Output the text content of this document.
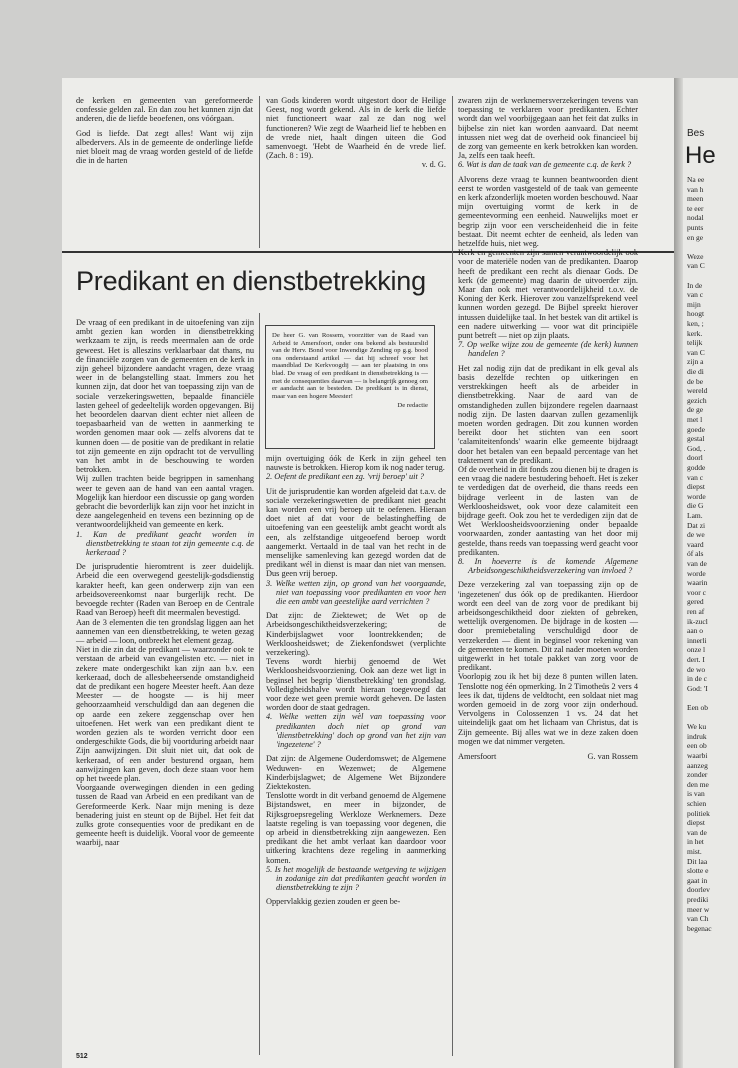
de kerken en gemeenten van gereformeerde confessie gelden zal. En dan zou het kunnen zijn dat anderen, die de liefde beoefenen, ons vóórgaan.

God is liefde. Dat zegt alles! Want wij zijn albedervers. Als in de gemeente de onderlinge liefde niet bloeit mag de vraag worden gesteld of de liefde die in de harten

van Gods kinderen wordt uitgestort door de Heilige Geest, nog wordt gekend. Als in de kerk die liefde niet functioneert waar zal ze dan nog wel functioneren? Wie zegt de Waarheid lief te hebben en de vrede niet, haalt dingen uiteen die God samenvoegt. 'Hebt de Waarheid én de vrede lief. (Zach. 8 : 19).

v. d. G.
Predikant en dienstbetrekking
De heer G. van Rossem, voorzitter van de Raad van Arbeid te Amersfoort, onder ons bekend als bestuurslid van de Herv. Bond voor Inwendige Zending op g.g. bood ons onderstaand artikel — dat hij schreef voor het maandblad De Kerkvoogdij — aan ter plaatsing in ons blad. De vraag of een predikant in dienstbetrekking is — met de consequenties daarvan — is belangrijk genoeg om er aandacht aan te besteden. De predikant is in dienst, maar van een hogere Meester!
De redactie

De vraag of een predikant in de uitoefening van zijn ambt gezien kan worden in dienstbetrekking werkzaam te zijn, is reeds meermalen aan de orde geweest. Het is alleszins verklaarbaar dat thans, nu de financiële zorgen van de gemeenten en de kerk in zijn geheel bijzondere aandacht vragen, deze vraag weer in de belangstelling staat. Immers zou het kunnen zijn, dat door het van toepassing zijn van de sociale verzekeringswetten, bepaalde financiële lasten geheel of gedeeltelijk worden opgevangen. Bij het beoordelen daarvan dient echter niet alleen de toepasbaarheid van de wetten in aanmerking te worden genomen maar ook — zelfs alvorens dat te kunnen doen — de positie van de predikant in relatie tot zijn gemeente en zijn opdracht tot de vervulling van het ambt in de beschouwing te worden betrokken.

Wij zullen trachten beide begrippen in samenhang weer te geven aan de hand van een aantal vragen. Mogelijk kan hierdoor een discussie op gang worden gebracht die bevorderlijk kan zijn voor het inzicht in deze aangelegenheid en tevens een bezinning op de verantwoordelijkheid van gemeente en kerk.

1. Kan de predikant geacht worden in dienstbetrekking te staan tot zijn gemeente c.q. de kerkeraad ?

De jurisprudentie hieromtrent is zeer duidelijk. Arbeid die een overwegend geestelijk-godsdienstig karakter heeft, kan geen onderwerp zijn van een arbeidsovereenkomst naar burgerlijk recht. De bevoegde rechter (Raden van Beroep en de Centrale Raad van Beroep) heeft dit meermalen bevestigd.

Aan de 3 elementen die ten grondslag liggen aan het aannemen van een dienstbetrekking, te weten gezag — arbeid — loon, ontbreekt het element gezag.

Niet in die zin dat de predikant — waarzonder ook te verstaan de arbeid van evangelisten etc. — niet in zekere mate ondergeschikt kan zijn aan b.v. een kerkeraad, doch de allesbeheersende omstandigheid dat de predikant een hogere Meester heeft. Aan deze Meester — de hoogste — is hij meer gehoorzaamheid verschuldigd dan aan degenen die op aarde een zekere zeggenschap over hen uitoefenen. Het werk van een predikant dient te worden gezien als te worden verricht door een ondergeschikte Gods, die bij voortduring arbeidt naar Zijn aanwijzingen. Dit sluit niet uit, dat ook de kerkeraad, of een ander besturend orgaan, hem aanwijzingen kan geven, doch deze staan voor hem op het tweede plan.

Voorgaande overwegingen dienden in een geding tussen de Raad van Arbeid en een predikant van de Gereformeerde Kerk. Naar mijn mening is deze benadering juist en steunt op de Bijbel. Het feit dat zulks grote consequenties voor de predikant en de gemeente heeft is duidelijk. Vooral voor de gemeente waarbij, naar

mijn overtuiging óók de Kerk in zijn geheel ten nauwste is betrokken. Hierop kom ik nog nader terug.

2. Oefent de predikant een zg. 'vrij beroep' uit ?

Uit de jurisprudentie kan worden afgeleid dat t.a.v. de sociale verzekeringswetten de predikant niet geacht kan worden een vrij beroep uit te oefenen. Hieraan doet niet af dat voor de belastingheffing de uitoefening van een geestelijk ambt geacht wordt als een, als zelfstandige uitgeoefend beroep wordt aangemerkt. Vertaald in de taal van het recht in de menselijke samenleving kan gezegd worden dat de predikant wél in dienst is maar dan niet van mensen. Dus geen vrij beroep.

3. Welke wetten zijn, op grond van het voorgaande, niet van toepassing voor predikanten en voor hen die een ambt van geestelijke aard verrichten ?

Dat zijn: de Ziektewet; de Wet op de Arbeidsongeschiktheidsverzekering; de Kinderbijslagwet voor loontrekkenden; de Werkloosheidswet; de Ziekenfondswet (verplichte verzekering).

Tevens wordt hierbij genoemd de Wet Werkloosheidsvoorziening. Ook aan deze wet ligt in beginsel het begrip 'dienstbetrekking' ten grondslag. Volledigheidshalve wordt hieraan toegevoegd dat voor deze wet geen premie wordt geheven. De lasten worden door de staat gedragen.

4. Welke wetten zijn wèl van toepassing voor predikanten doch niet op grond van 'dienstbetrekking' doch op grond van het zijn van 'ingezetene' ?

Dat zijn: de Algemene Ouderdomswet; de Algemene Weduwen- en Wezenwet; de Algemene Kinderbijslagwet; de Algemene Wet Bijzondere Ziektekosten.

Tenslotte wordt in dit verband genoemd de Algemene Bijstandswet, en meer in bijzonder, de Rijksgroepsregeling Werkloze Werknemers. Deze laatste regeling is van toepassing voor degenen, die op arbeid in dienstbetrekking zijn aangewezen. Een predikant die het ambt verlaat kan daardoor voor uitkering krachtens deze regeling in aanmerking komen.

5. Is het mogelijk de bestaande wetgeving te wijzigen in zodanige zin dat predikanten geacht worden in dienstbetrekking te zijn ?

Oppervlakkig gezien zouden er geen be-

zwaren zijn de werknemersverzekeringen tevens van toepassing te verklaren voor predikanten. Echter wordt dan wel voorbijgegaan aan het feit dat zulks in bijbelse zin niet kan worden aanvaard. Dat neemt intussen niet weg dat de overheid ook financieel bij de zorg van gemeente en kerk betrokken kan worden. Ja, zelfs een taak heeft.

6. Wat is dan de taak van de gemeente c.q. de kerk ?

Alvorens deze vraag te kunnen beantwoorden dient eerst te worden vastgesteld of de taak van gemeente en kerk afzonderlijk moeten worden beschouwd. Naar mijn overtuiging vormt de kerk in de gemeentevorming een eenheid. Nauwelijks moet er begrip zijn voor een verscheidenheid die in feite bestaat. Dit neemt echter de eenheid, als leden van hetzelfde huis, niet weg.

Kerk en gemeenten zijn samen verantwoordelijk ook voor de materiële noden van de predikanten. Daarop heeft de predikant een recht als dienaar Gods. De kerk (de gemeente) mag daarin de uitvoerder zijn. Maar dan ook met verantwoordelijkheid t.o.v. de Koning der Kerk. Hierover zou vanzelfsprekend veel kunnen worden gezegd. De Bijbel spreekt hierover intussen duidelijke taal. In het bestek van dit artikel is een nadere uitwerking — voor wat dit principiële punt betreft — niet op zijn plaats.

7. Op welke wijze zou de gemeente (de kerk) kunnen handelen ?

Het zal nodig zijn dat de predikant in elk geval als basis dezelfde rechten op uitkeringen en verstrekkingen heeft als de arbeider in dienstbetrekking. Naar de aard van de omstandigheden zullen bijzondere regelen daarnaast nodig zijn. De lasten daarvan zullen gezamenlijk moeten worden gedragen. Dit zou kunnen worden bereikt door het stichten van een soort 'calamiteitenfonds' waarin elke gemeente bijdraagt door het betalen van een bepaald percentage van het traktement van de predikant.

Of de overheid in dit fonds zou dienen bij te dragen is een vraag die nadere bestudering behoeft. Het is zeker te verdedigen dat de overheid, die thans reeds een bijdrage verleent in de lasten van de Werkloosheidswet, ook voor deze calamiteit een bijdrage geeft. Ook zou het te verdedigen zijn dat de Wet Werkloosheidsvoorziening onder bepaalde voorwaarden, zonder aantasting van het door mij gestelde, thans reeds van toepassing werd geacht voor predikanten.

8. In hoeverre is de komende Algemene Arbeidsongeschiktheidsverzekering van invloed ?

Deze verzekering zal van toepassing zijn op de 'ingezetenen' dus óók op de predikanten. Hierdoor wordt een deel van de zorg voor de predikant bij arbeidsongeschiktheid door ziekten of gebreken, wettelijk overgenomen. De bijdrage in de kosten — door premiebetaling verschuldigd door de verzekerden — dient in beginsel voor rekening van de gemeenten te komen. Dit zal nader moeten worden uitgewerkt in het totale pakket van zorg voor de predikant.

Voorlopig zou ik het bij deze 8 punten willen laten. Tenslotte nog één opmerking. In 2 Timotheüs 2 vers 4 lees ik dat, tijdens de veldtocht, een soldaat niet mag worden gemoeid in de zorg voor zijn onderhoud. Vervolgens in Colossenzen 1 vs. 24 dat het uiteindelijk gaat om het lichaam van Christus, dat is Zijn gemeente. Bij alles wat we in deze zaken doen mogen we dat nimmer vergeten.

Amersfoort	G. van Rossem
512
Bes
He
Na ee
van h
meen
te eer
nodal
punts
en ge
Weze
van C
In de
van c
mijn
hoogt
ken, ;
kerk.
telijk
van C
zijn a
die di
de be
wereld
gezich
de ge
met l
goede
gestal
God, .
doorl
godde
van c
diepst
worde
die G
Lam.
Dat zi
de we
vaard
óf als
van de
worde
waarin
voor c
gered
ren af
ik-zucl
aan o
innerli
onze l
dert. I
de wo
in de c
God: 'I
Een ob
We ku
indruk
een ob
waarbi
aanzeg
zonder
den me
is van
schien
politiek
diepst
van de
in het
mist.
Dit laa
slotte e
gaat in
doorlev
prediki
meer w
van Ch
begenac
